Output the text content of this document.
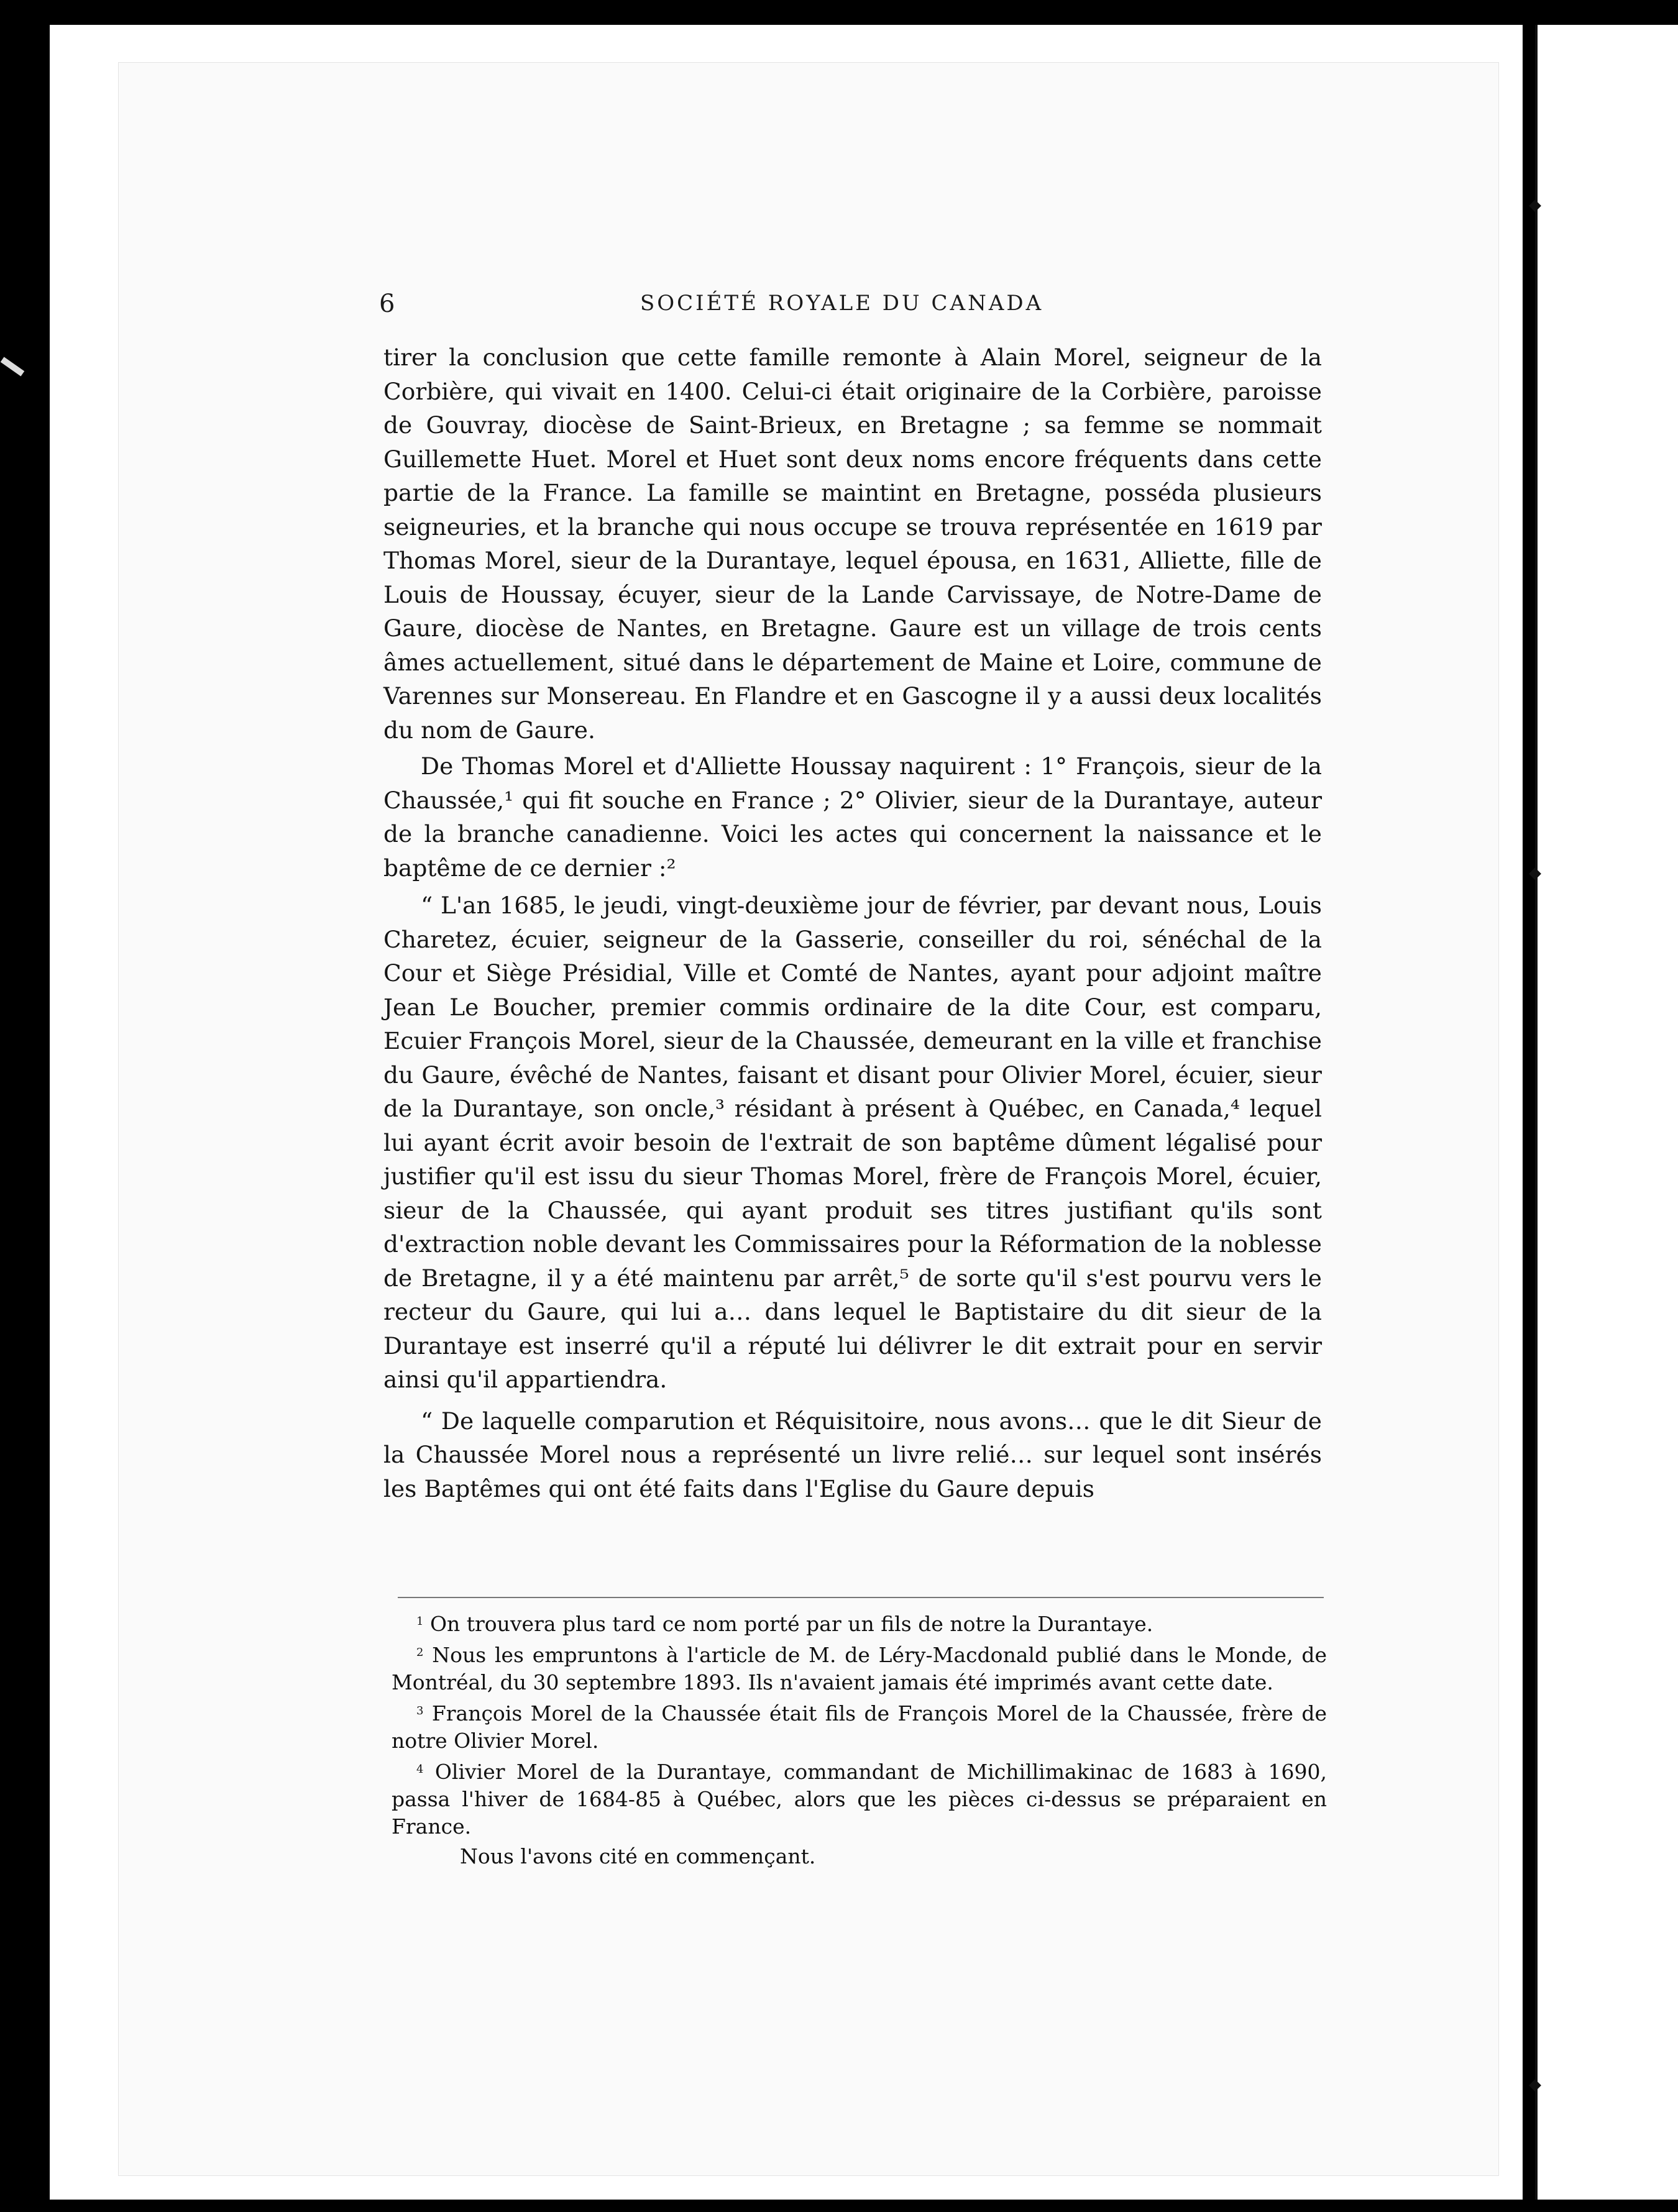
◆
◆
◆
6	SOCIÉTÉ ROYALE DU CANADA

tirer la conclusion que cette famille remonte à Alain Morel, seigneur de la Corbière, qui vivait en 1400. Celui-ci était originaire de la Corbière, paroisse de Gouvray, diocèse de Saint-Brieux, en Bretagne ; sa femme se nommait Guillemette Huet. Morel et Huet sont deux noms encore fréquents dans cette partie de la France. La famille se maintint en Bretagne, posséda plusieurs seigneuries, et la branche qui nous occupe se trouva représentée en 1619 par Thomas Morel, sieur de la Durantaye, lequel épousa, en 1631, Alliette, fille de Louis de Houssay, écuyer, sieur de la Lande Carvissaye, de Notre-Dame de Gaure, diocèse de Nantes, en Bretagne. Gaure est un village de trois cents âmes actuellement, situé dans le département de Maine et Loire, commune de Varennes sur Monsereau. En Flandre et en Gascogne il y a aussi deux localités du nom de Gaure.

De Thomas Morel et d'Alliette Houssay naquirent : 1° François, sieur de la Chaussée,¹ qui fit souche en France ; 2° Olivier, sieur de la Durantaye, auteur de la branche canadienne. Voici les actes qui concernent la naissance et le baptême de ce dernier :²

“ L'an 1685, le jeudi, vingt-deuxième jour de février, par devant nous, Louis Charetez, écuier, seigneur de la Gasserie, conseiller du roi, sénéchal de la Cour et Siège Présidial, Ville et Comté de Nantes, ayant pour adjoint maître Jean Le Boucher, premier commis ordinaire de la dite Cour, est comparu, Ecuier François Morel, sieur de la Chaussée, demeurant en la ville et franchise du Gaure, évêché de Nantes, faisant et disant pour Olivier Morel, écuier, sieur de la Durantaye, son oncle,³ résidant à présent à Québec, en Canada,⁴ lequel lui ayant écrit avoir besoin de l'extrait de son baptême dûment légalisé pour justifier qu'il est issu du sieur Thomas Morel, frère de François Morel, écuier, sieur de la Chaussée, qui ayant produit ses titres justifiant qu'ils sont d'extraction noble devant les Commissaires pour la Réformation de la noblesse de Bretagne, il y a été maintenu par arrêt,⁵ de sorte qu'il s'est pourvu vers le recteur du Gaure, qui lui a… dans lequel le Baptistaire du dit sieur de la Durantaye est inserré qu'il a réputé lui délivrer le dit extrait pour en servir ainsi qu'il appartiendra.

“ De laquelle comparution et Réquisitoire, nous avons… que le dit Sieur de la Chaussée Morel nous a représenté un livre relié… sur lequel sont insérés les Baptêmes qui ont été faits dans l'Eglise du Gaure depuis

$^1$ On trouvera plus tard ce nom porté par un fils de notre la Durantaye.

$^2$ Nous les empruntons à l'article de M. de Léry-Macdonald publié dans le Monde, de Montréal, du 30 septembre 1893. Ils n'avaient jamais été imprimés avant cette date.

$^3$ François Morel de la Chaussée était fils de François Morel de la Chaussée, frère de notre Olivier Morel.

$^4$ Olivier Morel de la Durantaye, commandant de Michillimakinac de 1683 à 1690, passa l'hiver de 1684-85 à Québec, alors que les pièces ci-dessus se préparaient en France.

Nous l'avons cité en commençant.
